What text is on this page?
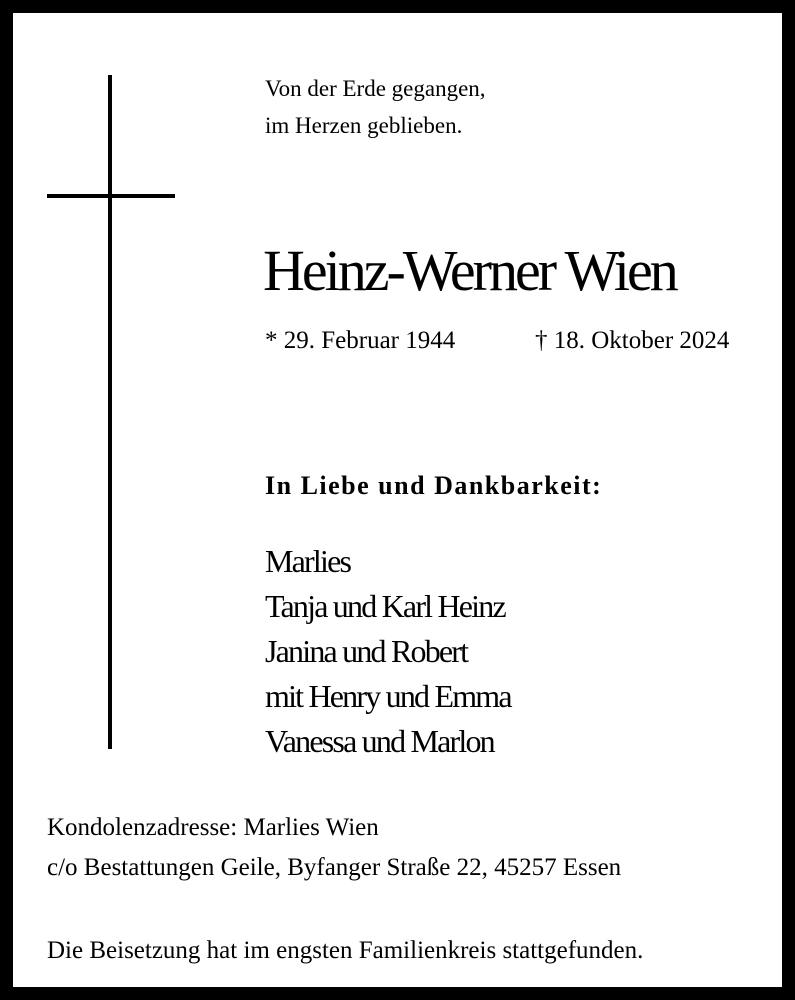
Von der Erde gegangen,
im Herzen geblieben.
Heinz-Werner Wien
* 29. Februar 1944	† 18. Oktober 2024
In Liebe und Dankbarkeit:
Marlies
Tanja und Karl Heinz
Janina und Robert
mit Henry und Emma
Vanessa und Marlon
Kondolenzadresse: Marlies Wien
c/o Bestattungen Geile, Byfanger Straße 22, 45257 Essen
Die Beisetzung hat im engsten Familienkreis stattgefunden.
